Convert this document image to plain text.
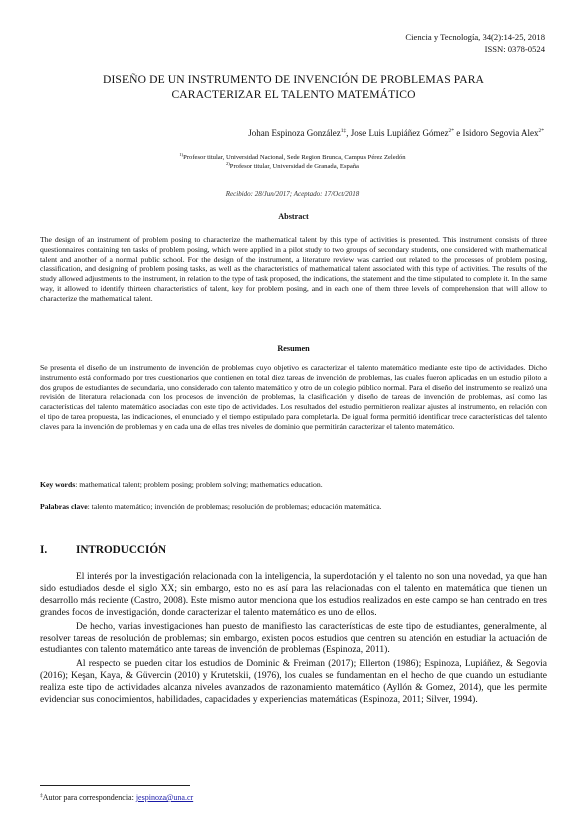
Ciencia y Tecnología, 34(2):14-25, 2018
ISSN: 0378-0524
DISEÑO DE UN INSTRUMENTO DE INVENCIÓN DE PROBLEMAS PARA
CARACTERIZAR EL TALENTO MATEMÁTICO
Johan Espinoza González$^{1\ddagger}$, Jose Luis Lupiáñez Gómez$^{2*}$ e Isidoro Segovia Alex$^{2*}$
$^{1)}$Profesor titular, Universidad Nacional, Sede Region Brunca, Campus Pérez Zeledón
$^{2)}$Profesor titular, Universidad de Granada, España
Recibido: 28/Jun/2017; Aceptado: 17/Oct/2018
Abstract
The design of an instrument of problem posing to characterize the mathematical talent by this type of activities is presented. This instrument consists of three questionnaires containing ten tasks of problem posing, which were applied in a pilot study to two groups of secondary students, one considered with mathematical talent and another of a normal public school. For the design of the instrument, a literature review was carried out related to the processes of problem posing, classification, and designing of problem posing tasks, as well as the characteristics of mathematical talent associated with this type of activities. The results of the study allowed adjustments to the instrument, in relation to the type of task proposed, the indications, the statement and the time stipulated to complete it. In the same way, it allowed to identify thirteen characteristics of talent, key for problem posing, and in each one of them three levels of comprehension that will allow to characterize the mathematical talent.
Resumen
Se presenta el diseño de un instrumento de invención de problemas cuyo objetivo es caracterizar el talento matemático mediante este tipo de actividades. Dicho instrumento está conformado por tres cuestionarios que contienen en total diez tareas de invención de problemas, las cuales fueron aplicadas en un estudio piloto a dos grupos de estudiantes de secundaria, uno considerado con talento matemático y otro de un colegio público normal. Para el diseño del instrumento se realizó una revisión de literatura relacionada con los procesos de invención de problemas, la clasificación y diseño de tareas de invención de problemas, así como las características del talento matemático asociadas con este tipo de actividades. Los resultados del estudio permitieron realizar ajustes al instrumento, en relación con el tipo de tarea propuesta, las indicaciones, el enunciado y el tiempo estipulado para completarla. De igual forma permitió identificar trece características del talento claves para la invención de problemas y en cada una de ellas tres niveles de dominio que permitirán caracterizar el talento matemático.
Key words: mathematical talent; problem posing; problem solving; mathematics education.
Palabras clave: talento matemático; invención de problemas; resolución de problemas; educación matemática.
I.	INTRODUCCIÓN

El interés por la investigación relacionada con la inteligencia, la superdotación y el talento no son una novedad, ya que han sido estudiados desde el siglo XX; sin embargo, esto no es así para las relacionadas con el talento en matemática que tienen un desarrollo más reciente (Castro, 2008). Este mismo autor menciona que los estudios realizados en este campo se han centrado en tres grandes focos de investigación, donde caracterizar el talento matemático es uno de ellos.

De hecho, varias investigaciones han puesto de manifiesto las características de este tipo de estudiantes, generalmente, al resolver tareas de resolución de problemas; sin embargo, existen pocos estudios que centren su atención en estudiar la actuación de estudiantes con talento matemático ante tareas de invención de problemas (Espinoza, 2011).

Al respecto se pueden citar los estudios de Dominic & Freiman (2017); Ellerton (1986); Espinoza, Lupiáñez, & Segovia (2016); Keşan, Kaya, & Güvercin (2010) y Krutetskii, (1976), los cuales se fundamentan en el hecho de que cuando un estudiante realiza este tipo de actividades alcanza niveles avanzados de razonamiento matemático (Ayllón & Gomez, 2014), que les permite evidenciar sus conocimientos, habilidades, capacidades y experiencias matemáticas (Espinoza, 2011; Silver, 1994).

‡Autor para correspondencia: jespinoza@una.cr
